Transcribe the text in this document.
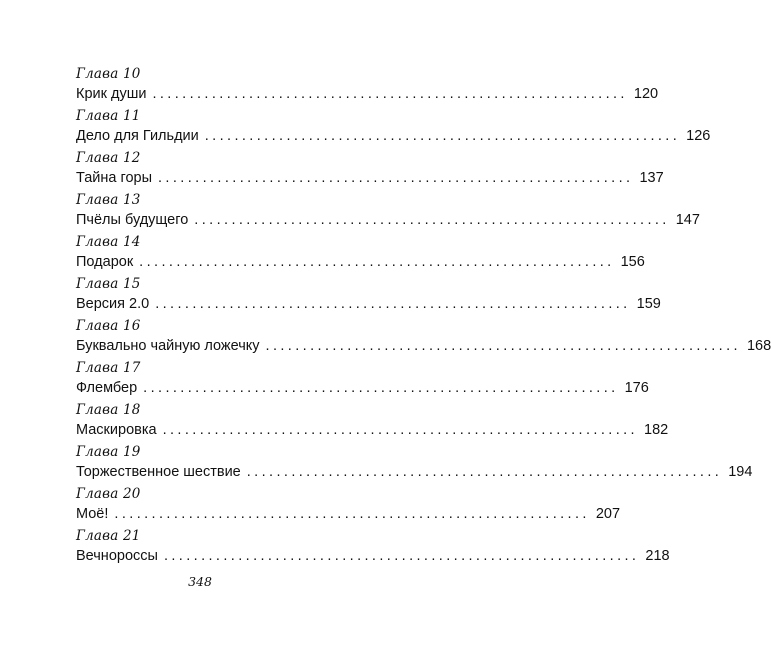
Глава 10
Крик души ................................................................ 120
Глава 11
Дело для Гильдии ................................................................ 126
Глава 12
Тайна горы ................................................................ 137
Глава 13
Пчёлы будущего ................................................................ 147
Глава 14
Подарок ................................................................ 156
Глава 15
Версия 2.0 ................................................................ 159
Глава 16
Буквально чайную ложечку ................................................................ 168
Глава 17
Флембер ................................................................ 176
Глава 18
Маскировка ................................................................ 182
Глава 19
Торжественное шествие ................................................................ 194
Глава 20
Моё! ................................................................ 207
Глава 21
Вечнороссы ................................................................ 218
348
